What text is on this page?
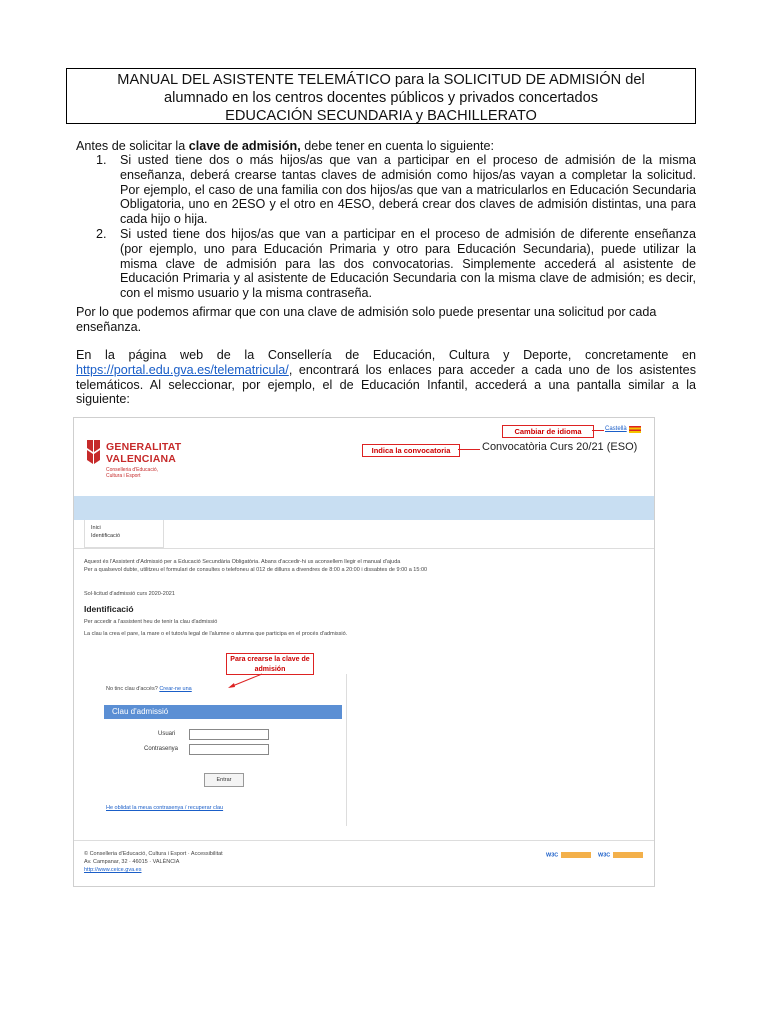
MANUAL DEL ASISTENTE TELEMÁTICO para la SOLICITUD DE ADMISIÓN del
alumnado en los centros docentes públicos y privados concertados
EDUCACIÓN SECUNDARIA y BACHILLERATO
Antes de solicitar la clave de admisión, debe tener en cuenta lo siguiente:
1. Si usted tiene dos o más hijos/as que van a participar en el proceso de admisión de la misma
enseñanza, deberá crearse tantas claves de admisión como hijos/as vayan a completar la solicitud.
Por ejemplo, el caso de una familia con dos hijos/as que van a matricularlos en Educación Secundaria
Obligatoria, uno en 2ESO y el otro en 4ESO, deberá crear dos claves de admisión distintas, una para
cada hijo o hija.
2. Si usted tiene dos hijos/as que van a participar en el proceso de admisión de diferente enseñanza
(por ejemplo, uno para Educación Primaria y otro para Educación Secundaria), puede utilizar la
misma clave de admisión para las dos convocatorias. Simplemente accederá al asistente de
Educación Primaria y al asistente de Educación Secundaria con la misma clave de admisión; es decir,
con el mismo usuario y la misma contraseña.
Por lo que podemos afirmar que con una clave de admisión solo puede presentar una solicitud por cada
enseñanza.
En la página web de la Consellería de Educación, Cultura y Deporte, concretamente en
https://portal.edu.gva.es/telematricula/, encontrará los enlaces para acceder a cada uno de los asistentes
telemáticos. Al seleccionar, por ejemplo, el de Educación Infantil, accederá a una pantalla similar a la
siguiente:
GENERALITAT
VALENCIANA
Conselleria d'Educació,
Cultura i Esport
Cambiar de idioma	Castellà
Indica la convocatoria	Convocatòria Curs 20/21 (ESO)
Inici
Identificació
Aquest és l'Assistent d'Admissió per a Educació Secundària Obligatòria. Abans d'accedir-hi us aconsellem llegir el manual d'ajuda
Per a qualsevol dubte, utilitzeu el formulari de consultes o telefoneu al 012 de dilluns a divendres de 8:00 a 20:00 i dissabtes de 9:00 a 15:00
Sol·licitud d'admissió curs 2020-2021
Identificació
Per accedir a l'assistent heu de tenir la clau d'admissió
La clau la crea el pare, la mare o el tutor/a legal de l'alumne o alumna que participa en el procés d'admissió.
Para crearse la clave de admisión
No tinc clau d'accés? Crear-ne una
Clau d'admissió
Usuari
Contrasenya
Entrar
He oblidat la meua contrasenya / recuperar clau
© Conselleria d'Educació, Cultura i Esport · Accessibilitat
Av. Campanar, 32 · 46015 · VALÈNCIA
http://www.ceice.gva.es
W3C	W3C
